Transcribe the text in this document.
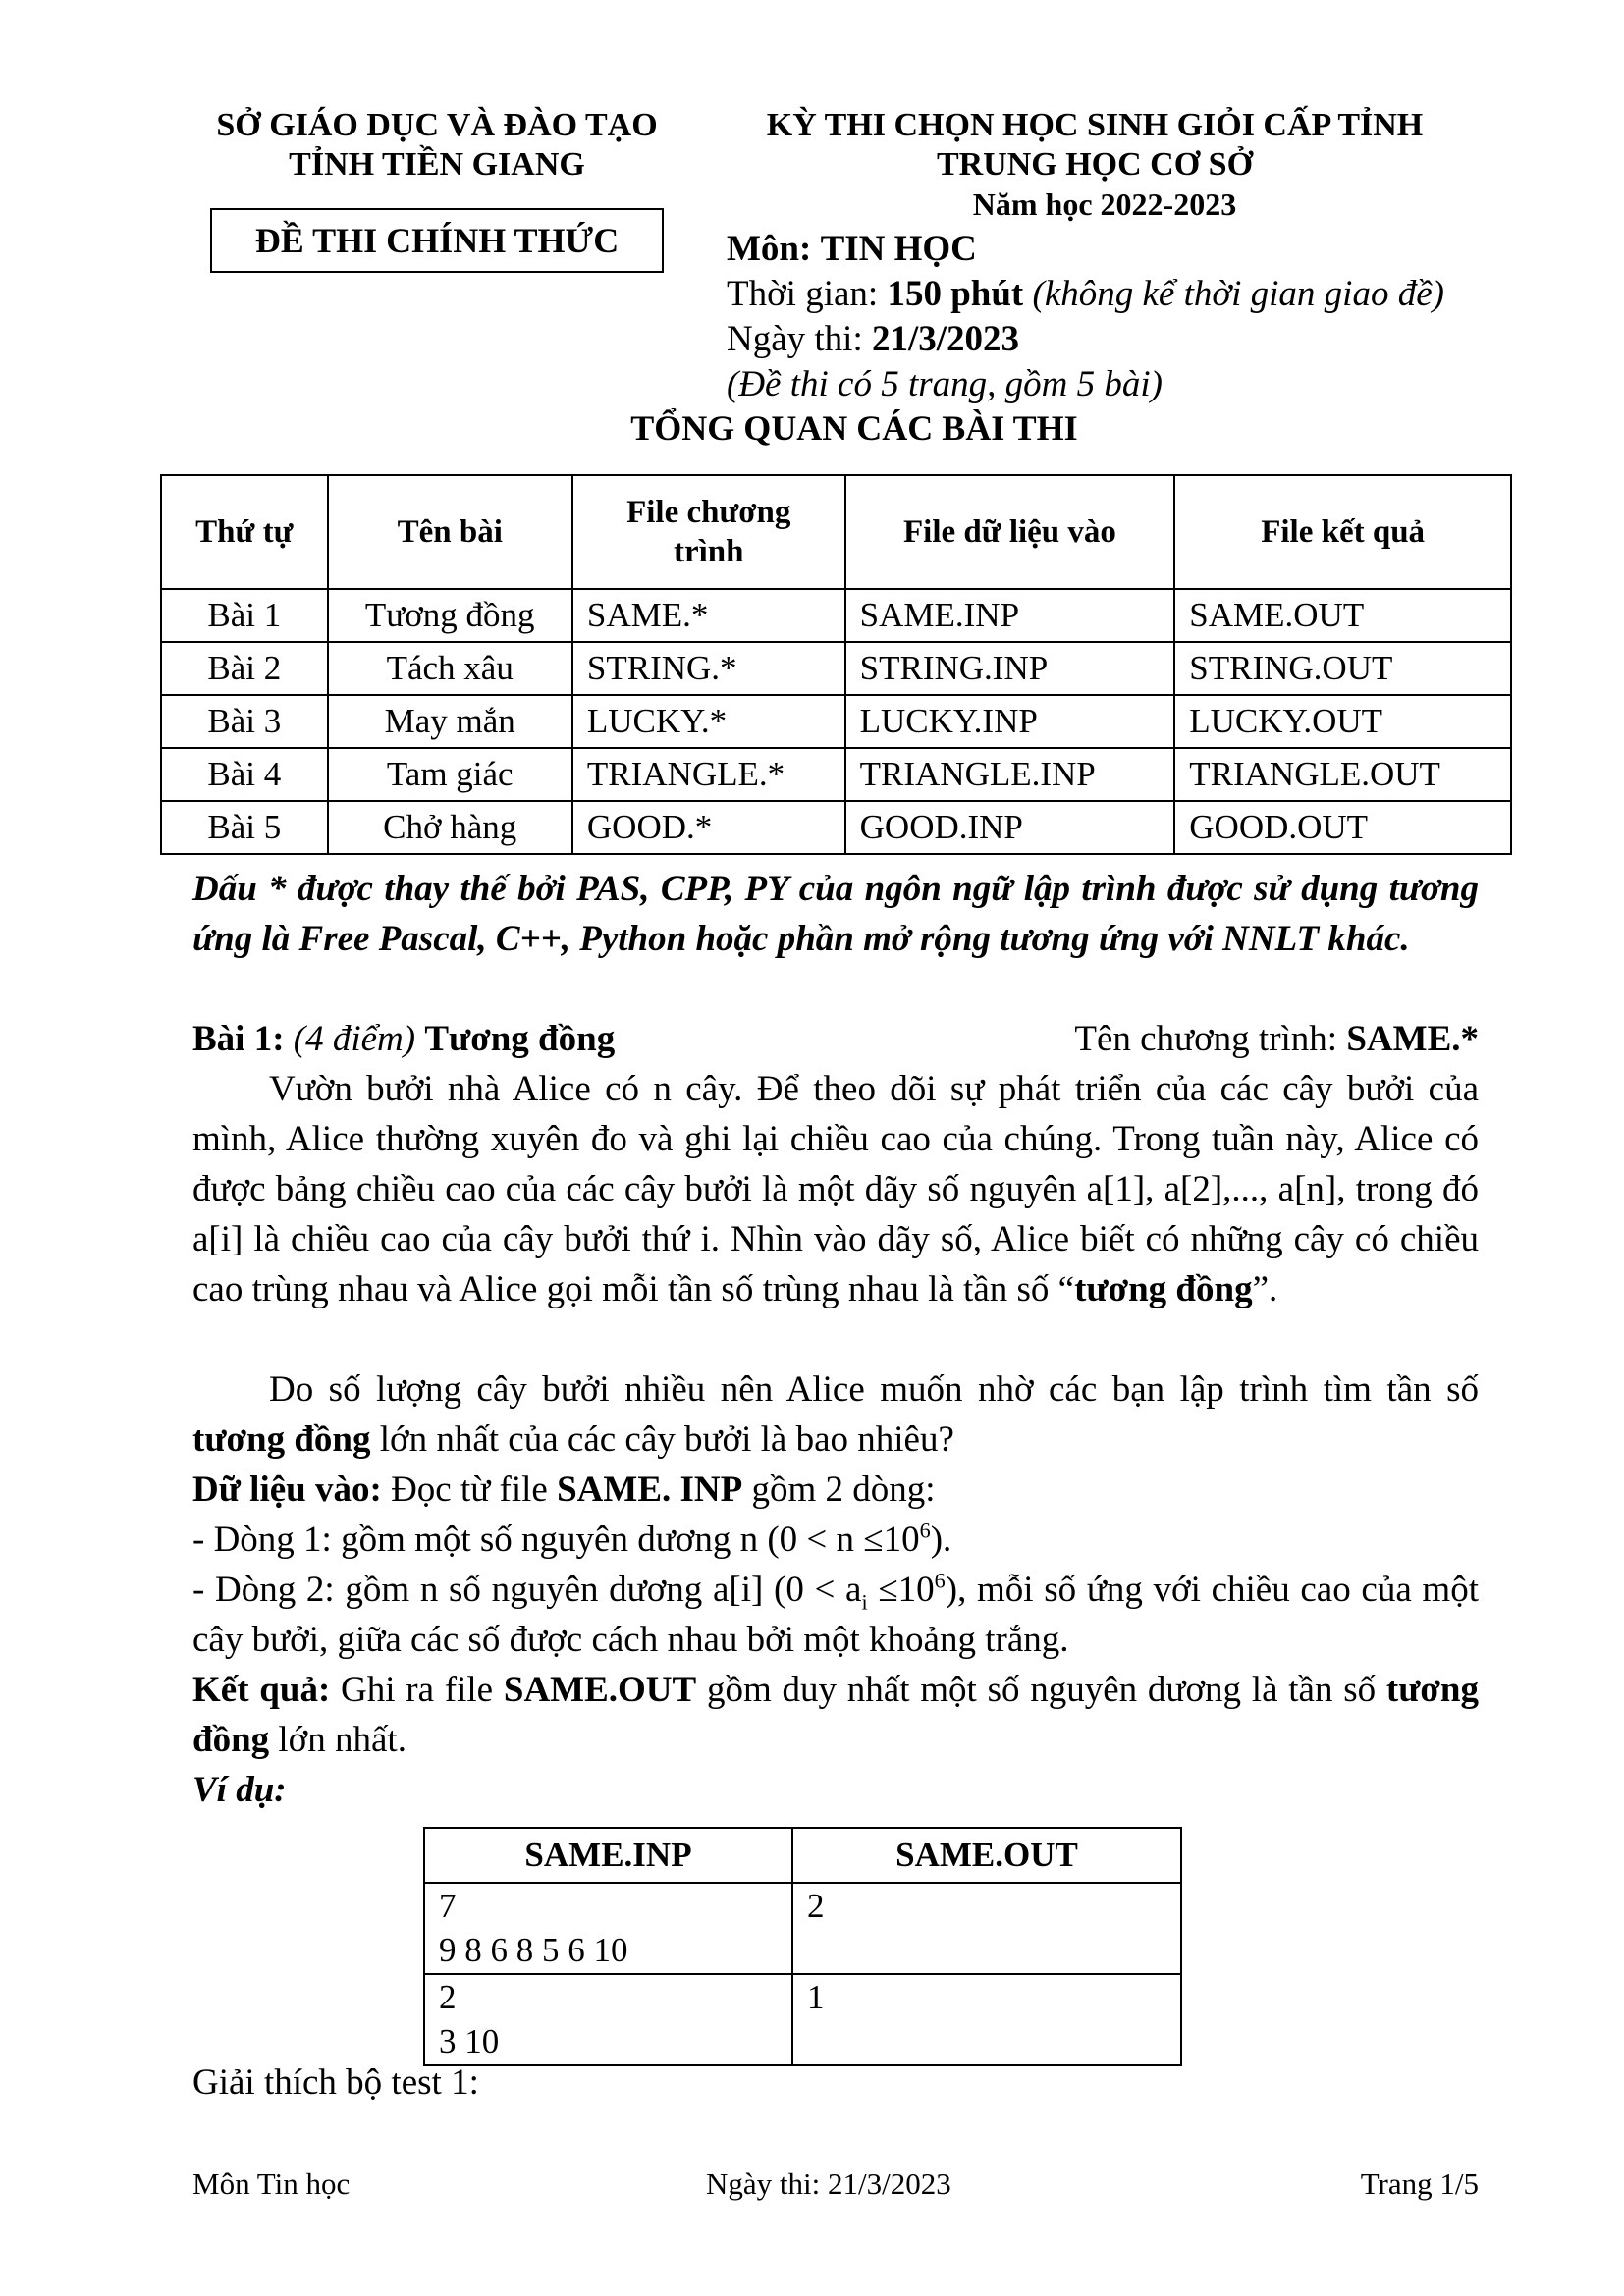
SỞ GIÁO DỤC VÀ ĐÀO TẠO
TỈNH TIỀN GIANG
ĐỀ THI CHÍNH THỨC
KỲ THI CHỌN HỌC SINH GIỎI CẤP TỈNH
TRUNG HỌC CƠ SỞ
Năm học 2022-2023
Môn: TIN HỌC
Thời gian: 150 phút (không kể thời gian giao đề)
Ngày thi: 21/3/2023
(Đề thi có 5 trang, gồm 5 bài)
TỔNG QUAN CÁC BÀI THI
Thứ tự	Tên bài	File chương trình	File dữ liệu vào	File kết quả
Bài 1	Tương đồng	SAME.*	SAME.INP	SAME.OUT
Bài 2	Tách xâu	STRING.*	STRING.INP	STRING.OUT
Bài 3	May mắn	LUCKY.*	LUCKY.INP	LUCKY.OUT
Bài 4	Tam giác	TRIANGLE.*	TRIANGLE.INP	TRIANGLE.OUT
Bài 5	Chở hàng	GOOD.*	GOOD.INP	GOOD.OUT
Dấu * được thay thế bởi PAS, CPP, PY của ngôn ngữ lập trình được sử dụng tương ứng là Free Pascal, C++, Python hoặc phần mở rộng tương ứng với NNLT khác.
Bài 1: (4 điểm) Tương đồng	Tên chương trình: SAME.*
Vườn bưởi nhà Alice có n cây. Để theo dõi sự phát triển của các cây bưởi của mình, Alice thường xuyên đo và ghi lại chiều cao của chúng. Trong tuần này, Alice có được bảng chiều cao của các cây bưởi là một dãy số nguyên a[1], a[2],..., a[n], trong đó a[i] là chiều cao của cây bưởi thứ i. Nhìn vào dãy số, Alice biết có những cây có chiều cao trùng nhau và Alice gọi mỗi tần số trùng nhau là tần số “tương đồng”.
Do số lượng cây bưởi nhiều nên Alice muốn nhờ các bạn lập trình tìm tần số tương đồng lớn nhất của các cây bưởi là bao nhiêu?
Dữ liệu vào: Đọc từ file SAME. INP gồm 2 dòng:
- Dòng 1: gồm một số nguyên dương n $(0 < n \le 10^6)$.
- Dòng 2: gồm n số nguyên dương a[i] $(0 < a_i \le 10^6)$, mỗi số ứng với chiều cao của một cây bưởi, giữa các số được cách nhau bởi một khoảng trắng.
Kết quả: Ghi ra file SAME.OUT gồm duy nhất một số nguyên dương là tần số tương đồng lớn nhất.
Ví dụ:
SAME.INP	SAME.OUT

7
9 8 6 8 5 6 10	2

2
3 10	1
Giải thích bộ test 1:
Môn Tin học	Ngày thi: 21/3/2023	Trang 1/5
